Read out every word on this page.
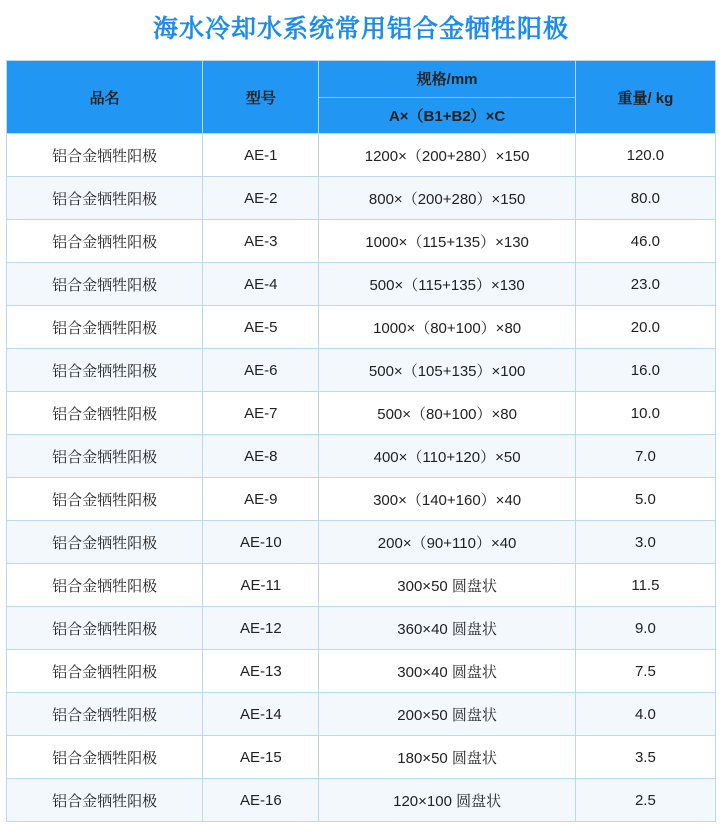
海水冷却水系统常用铝合金牺牲阳极
品名	型号	规格/mm
A×（B1+B2）×C	重量/ kg

铝合金牺牲阳极	AE-1	1200×（200+280）×150	120.0
铝合金牺牲阳极	AE-2	800×（200+280）×150	80.0
铝合金牺牲阳极	AE-3	1000×（115+135）×130	46.0
铝合金牺牲阳极	AE-4	500×（115+135）×130	23.0
铝合金牺牲阳极	AE-5	1000×（80+100）×80	20.0
铝合金牺牲阳极	AE-6	500×（105+135）×100	16.0
铝合金牺牲阳极	AE-7	500×（80+100）×80	10.0
铝合金牺牲阳极	AE-8	400×（110+120）×50	7.0
铝合金牺牲阳极	AE-9	300×（140+160）×40	5.0
铝合金牺牲阳极	AE-10	200×（90+110）×40	3.0
铝合金牺牲阳极	AE-11	300×50 圆盘状	11.5
铝合金牺牲阳极	AE-12	360×40 圆盘状	9.0
铝合金牺牲阳极	AE-13	300×40 圆盘状	7.5
铝合金牺牲阳极	AE-14	200×50 圆盘状	4.0
铝合金牺牲阳极	AE-15	180×50 圆盘状	3.5
铝合金牺牲阳极	AE-16	120×100 圆盘状	2.5
